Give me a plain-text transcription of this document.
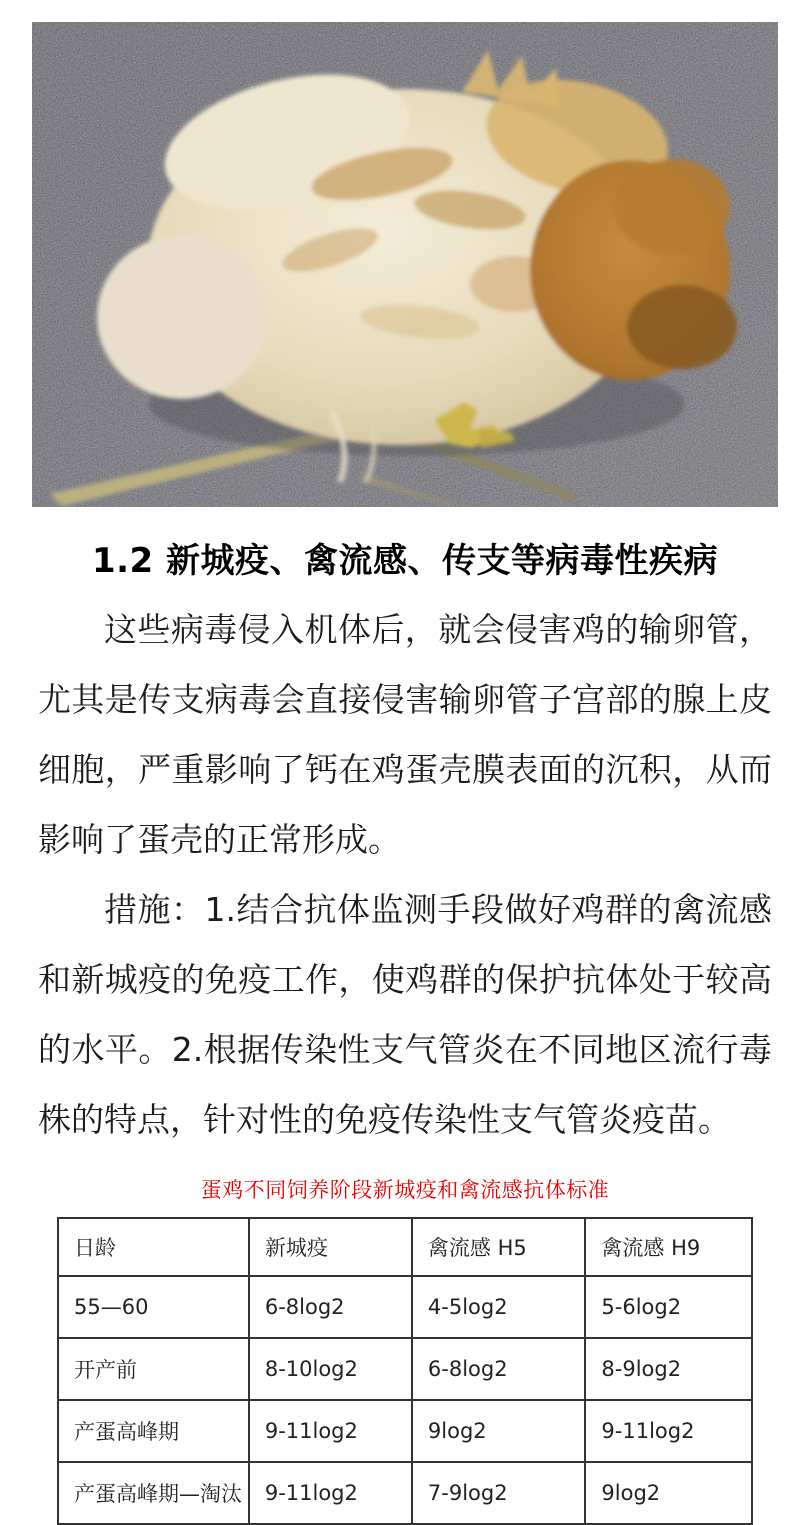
1.2 新城疫、禽流感、传支等病毒性疾病

这些病毒侵入机体后，就会侵害鸡的输卵管，尤其是传支病毒会直接侵害输卵管子宫部的腺上皮细胞，严重影响了钙在鸡蛋壳膜表面的沉积，从而影响了蛋壳的正常形成。

措施：1.结合抗体监测手段做好鸡群的禽流感和新城疫的免疫工作，使鸡群的保护抗体处于较高的水平。2.根据传染性支气管炎在不同地区流行毒株的特点，针对性的免疫传染性支气管炎疫苗。

蛋鸡不同饲养阶段新城疫和禽流感抗体标准
日龄	新城疫	禽流感 H5	禽流感 H9
55—60	6-8log2	4-5log2	5-6log2
开产前	8-10log2	6-8log2	8-9log2
产蛋高峰期	9-11log2	9log2	9-11log2
产蛋高峰期—淘汰	9-11log2	7-9log2	9log2
